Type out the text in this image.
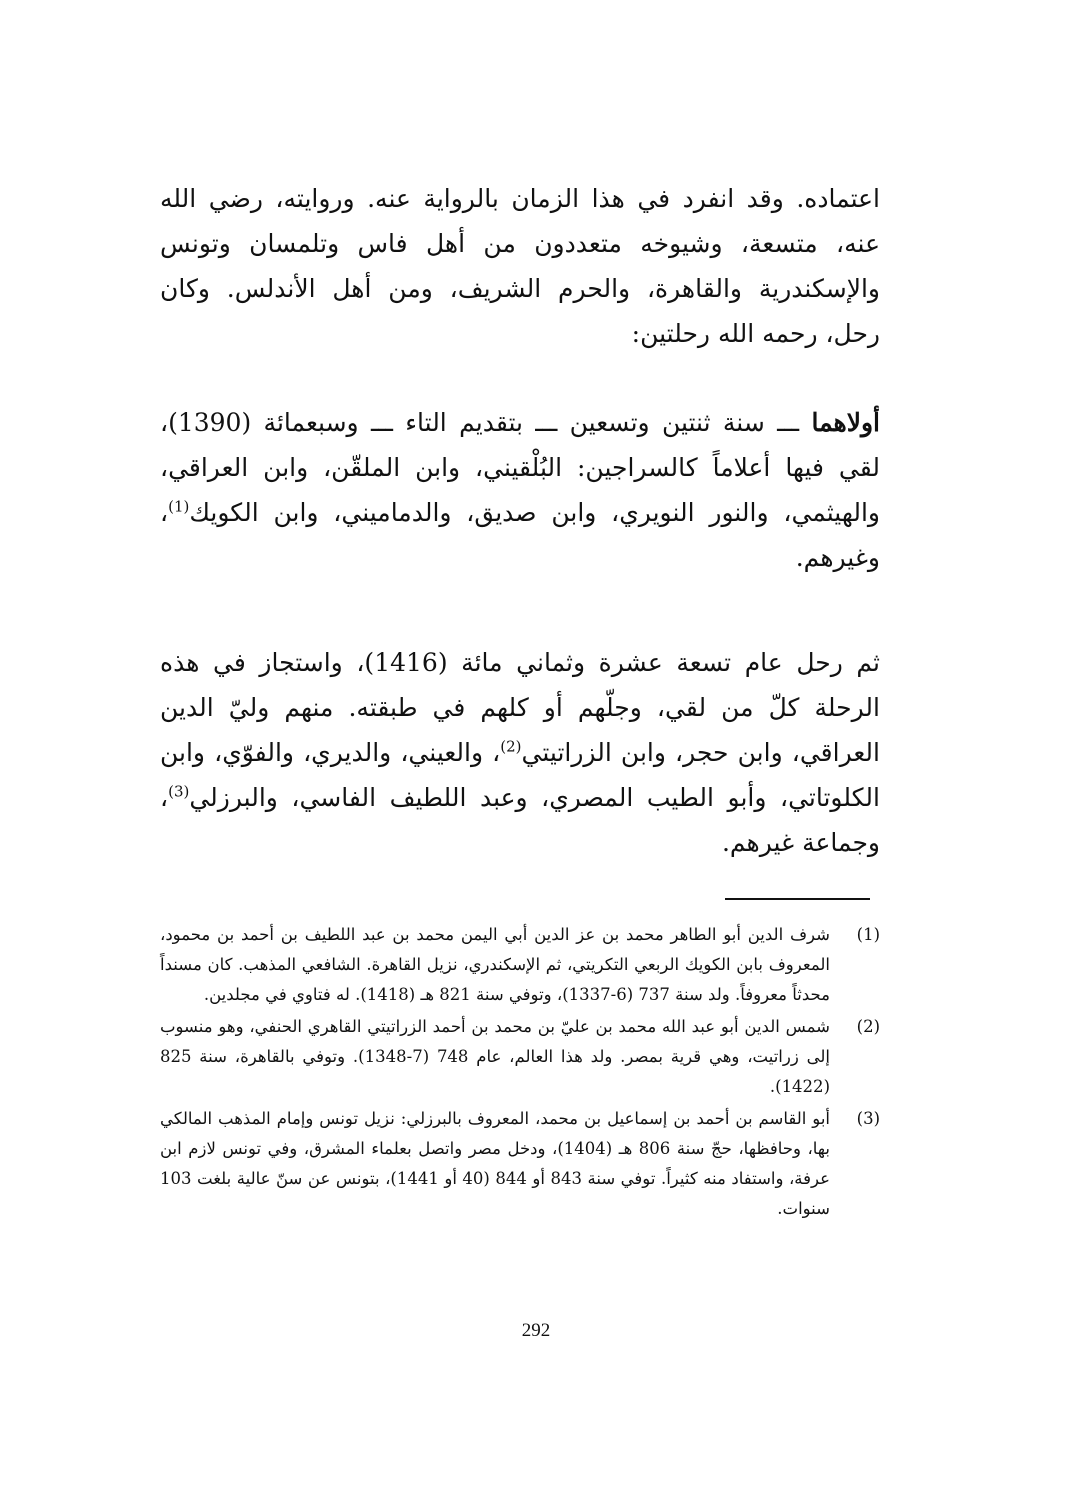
اعتماده. وقد انفرد في هذا الزمان بالرواية عنه. وروايته، رضي الله عنه، متسعة، وشيوخه متعددون من أهل فاس وتلمسان وتونس والإسكندرية والقاهرة، والحرم الشريف، ومن أهل الأندلس. وكان رحل، رحمه الله رحلتين:

أولاهما ـــ سنة ثنتين وتسعين ـــ بتقديم التاء ـــ وسبعمائة (1390)، لقي فيها أعلاماً كالسراجين: البُلْقيني، وابن الملقّن، وابن العراقي، والهيثمي، والنور النويري، وابن صديق، والدماميني، وابن الكويك$^{(1)}$، وغيرهم.

ثم رحل عام تسعة عشرة وثماني مائة (1416)، واستجاز في هذه الرحلة كلّ من لقي، وجلّهم أو كلهم في طبقته. منهم وليّ الدين العراقي، وابن حجر، وابن الزراتيتي$^{(2)}$، والعيني، والديري، والفوّي، وابن الكلوتاتي، وأبو الطيب المصري، وعبد اللطيف الفاسي، والبرزلي$^{(3)}$، وجماعة غيرهم.

(1)
شرف الدين أبو الطاهر محمد بن عز الدين أبي اليمن محمد بن عبد اللطيف بن أحمد بن محمود، المعروف بابن الكويك الربعي التكريتي، ثم الإسكندري، نزيل القاهرة. الشافعي المذهب. كان مسنداً محدثاً معروفاً. ولد سنة 737 (6-1337)، وتوفي سنة 821 هـ (1418). له فتاوي في مجلدين.
(2)
شمس الدين أبو عبد الله محمد بن عليّ بن محمد بن أحمد الزراتيتي القاهري الحنفي، وهو منسوب إلى زراتيت، وهي قرية بمصر. ولد هذا العالم، عام 748 (7-1348). وتوفي بالقاهرة، سنة 825 (1422).
(3)
أبو القاسم بن أحمد بن إسماعيل بن محمد، المعروف بالبرزلي: نزيل تونس وإمام المذهب المالكي بها، وحافظها، حجّ سنة 806 هـ (1404)، ودخل مصر واتصل بعلماء المشرق، وفي تونس لازم ابن عرفة، واستفاد منه كثيراً. توفي سنة 843 أو 844 (40 أو 1441)، بتونس عن سنّ عالية بلغت 103 سنوات.
292
